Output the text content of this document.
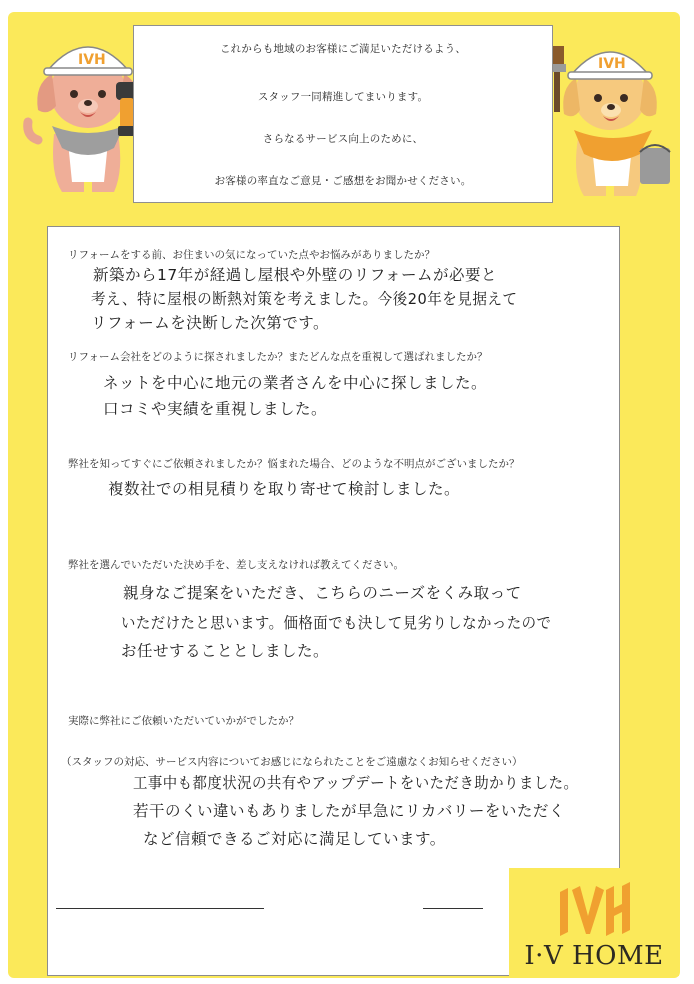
IVH	IVH
これからも地域のお客様にご満足いただけるよう、
スタッフ一同精進してまいります。
さらなるサービス向上のために、
お客様の率直なご意見・ご感想をお聞かせください。
リフォームをする前、お住まいの気になっていた点やお悩みがありましたか？
新築から17年が経過し屋根や外壁のリフォームが必要と
考え、特に屋根の断熱対策を考えました。今後20年を見据えて
リフォームを決断した次第です。
リフォーム会社をどのように探されましたか？またどんな点を重視して選ばれましたか？
ネットを中心に地元の業者さんを中心に探しました。
口コミや実績を重視しました。
弊社を知ってすぐにご依頼されましたか？悩まれた場合、どのような不明点がございましたか？
複数社での相見積りを取り寄せて検討しました。
弊社を選んでいただいた決め手を、差し支えなければ教えてください。
親身なご提案をいただき、こちらのニーズをくみ取って
いただけたと思います。価格面でも決して見劣りしなかったので
お任せすることとしました。
実際に弊社にご依頼いただいていかがでしたか？
（スタッフの対応、サービス内容についてお感じになられたことをご遠慮なくお知らせください）
工事中も都度状況の共有やアップデートをいただき助かりました。
若干のくい違いもありましたが早急にリカバリーをいただく
など信頼できるご対応に満足しています。
I·V HOME
